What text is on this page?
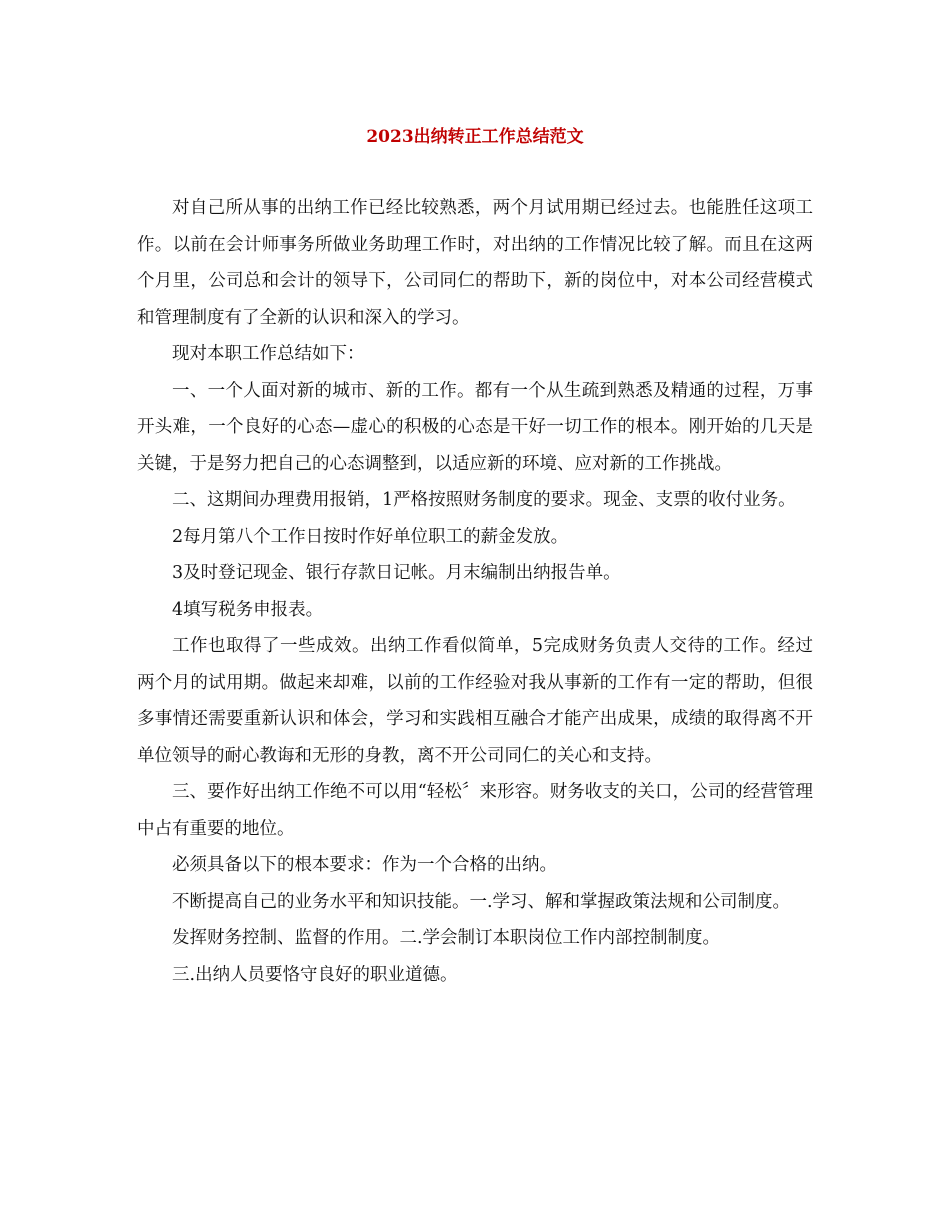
2023出纳转正工作总结范文

对自己所从事的出纳工作已经比较熟悉，两个月试用期已经过去。也能胜任这项工作。以前在会计师事务所做业务助理工作时，对出纳的工作情况比较了解。而且在这两个月里，公司总和会计的领导下，公司同仁的帮助下，新的岗位中，对本公司经营模式和管理制度有了全新的认识和深入的学习。

现对本职工作总结如下：

一、一个人面对新的城市、新的工作。都有一个从生疏到熟悉及精通的过程，万事开头难，一个良好的心态—虚心的积极的心态是干好一切工作的根本。刚开始的几天是关键，于是努力把自己的心态调整到，以适应新的环境、应对新的工作挑战。

二、这期间办理费用报销，1严格按照财务制度的要求。现金、支票的收付业务。

2每月第八个工作日按时作好单位职工的薪金发放。

3及时登记现金、银行存款日记帐。月末编制出纳报告单。

4填写税务申报表。

工作也取得了一些成效。出纳工作看似简单，5完成财务负责人交待的工作。经过两个月的试用期。做起来却难，以前的工作经验对我从事新的工作有一定的帮助，但很多事情还需要重新认识和体会，学习和实践相互融合才能产出成果，成绩的取得离不开单位领导的耐心教诲和无形的身教，离不开公司同仁的关心和支持。

三、要作好出纳工作绝不可以用“轻松〞来形容。财务收支的关口，公司的经营管理中占有重要的地位。

必须具备以下的根本要求：作为一个合格的出纳。

不断提高自己的业务水平和知识技能。一.学习、解和掌握政策法规和公司制度。

发挥财务控制、监督的作用。二.学会制订本职岗位工作内部控制制度。

三.出纳人员要恪守良好的职业道德。
